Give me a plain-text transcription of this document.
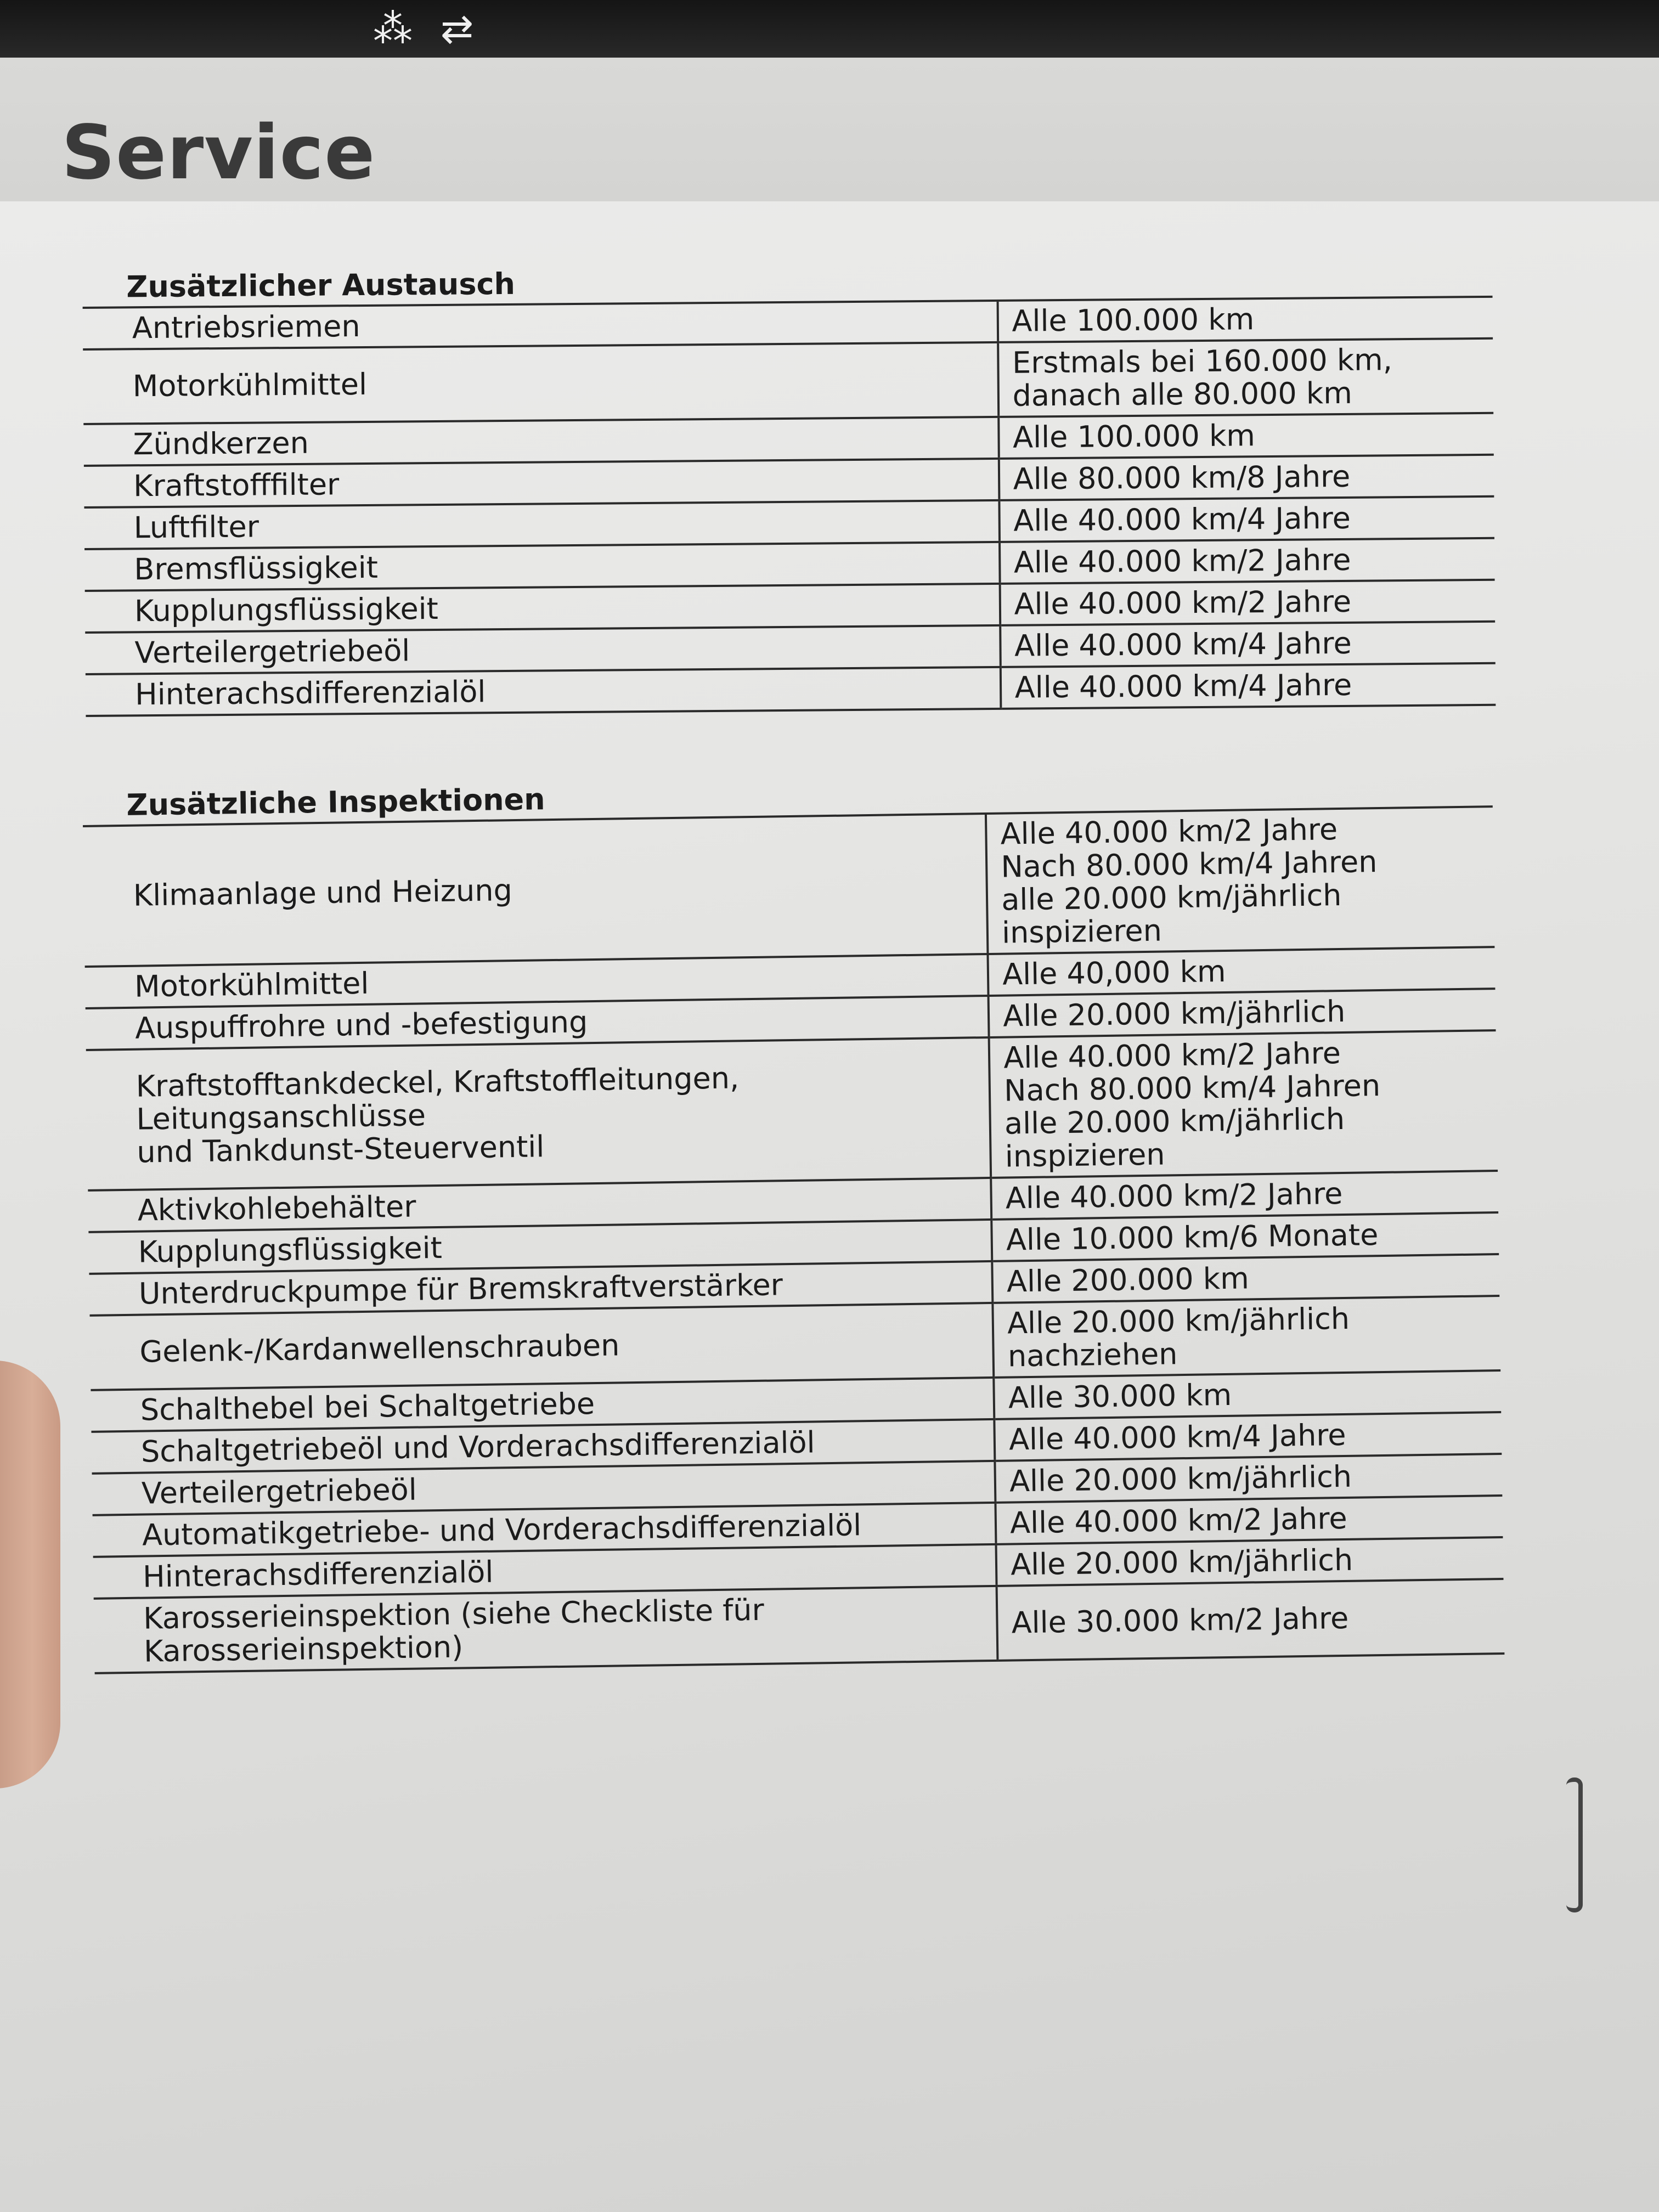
⁂ ⇄
Service
Zusätzlicher Austausch
Antriebsriemen	Alle 100.000 km
Motorkühlmittel	Erstmals bei 160.000 km,
danach alle 80.000 km
Zündkerzen	Alle 100.000 km
Kraftstofffilter	Alle 80.000 km/8 Jahre
Luftfilter	Alle 40.000 km/4 Jahre
Bremsflüssigkeit	Alle 40.000 km/2 Jahre
Kupplungsflüssigkeit	Alle 40.000 km/2 Jahre
Verteilergetriebeöl	Alle 40.000 km/4 Jahre
Hinterachsdifferenzialöl	Alle 40.000 km/4 Jahre
Zusätzliche Inspektionen
Klimaanlage und Heizung	Alle 40.000 km/2 Jahre
Nach 80.000 km/4 Jahren
alle 20.000 km/jährlich inspizieren
Motorkühlmittel	Alle 40,000 km
Auspuffrohre und -befestigung	Alle 20.000 km/jährlich
Kraftstofftankdeckel, Kraftstoffleitungen, Leitungsanschlüsse
und Tankdunst-Steuerventil	Alle 40.000 km/2 Jahre
Nach 80.000 km/4 Jahren
alle 20.000 km/jährlich inspizieren
Aktivkohlebehälter	Alle 40.000 km/2 Jahre
Kupplungsflüssigkeit	Alle 10.000 km/6 Monate
Unterdruckpumpe für Bremskraftverstärker	Alle 200.000 km
Gelenk-/Kardanwellenschrauben	Alle 20.000 km/jährlich nachziehen
Schalthebel bei Schaltgetriebe	Alle 30.000 km
Schaltgetriebeöl und Vorderachsdifferenzialöl	Alle 40.000 km/4 Jahre
Verteilergetriebeöl	Alle 20.000 km/jährlich
Automatikgetriebe- und Vorderachsdifferenzialöl	Alle 40.000 km/2 Jahre
Hinterachsdifferenzialöl	Alle 20.000 km/jährlich
Karosserieinspektion (siehe Checkliste für
Karosserieinspektion)	Alle 30.000 km/2 Jahre
